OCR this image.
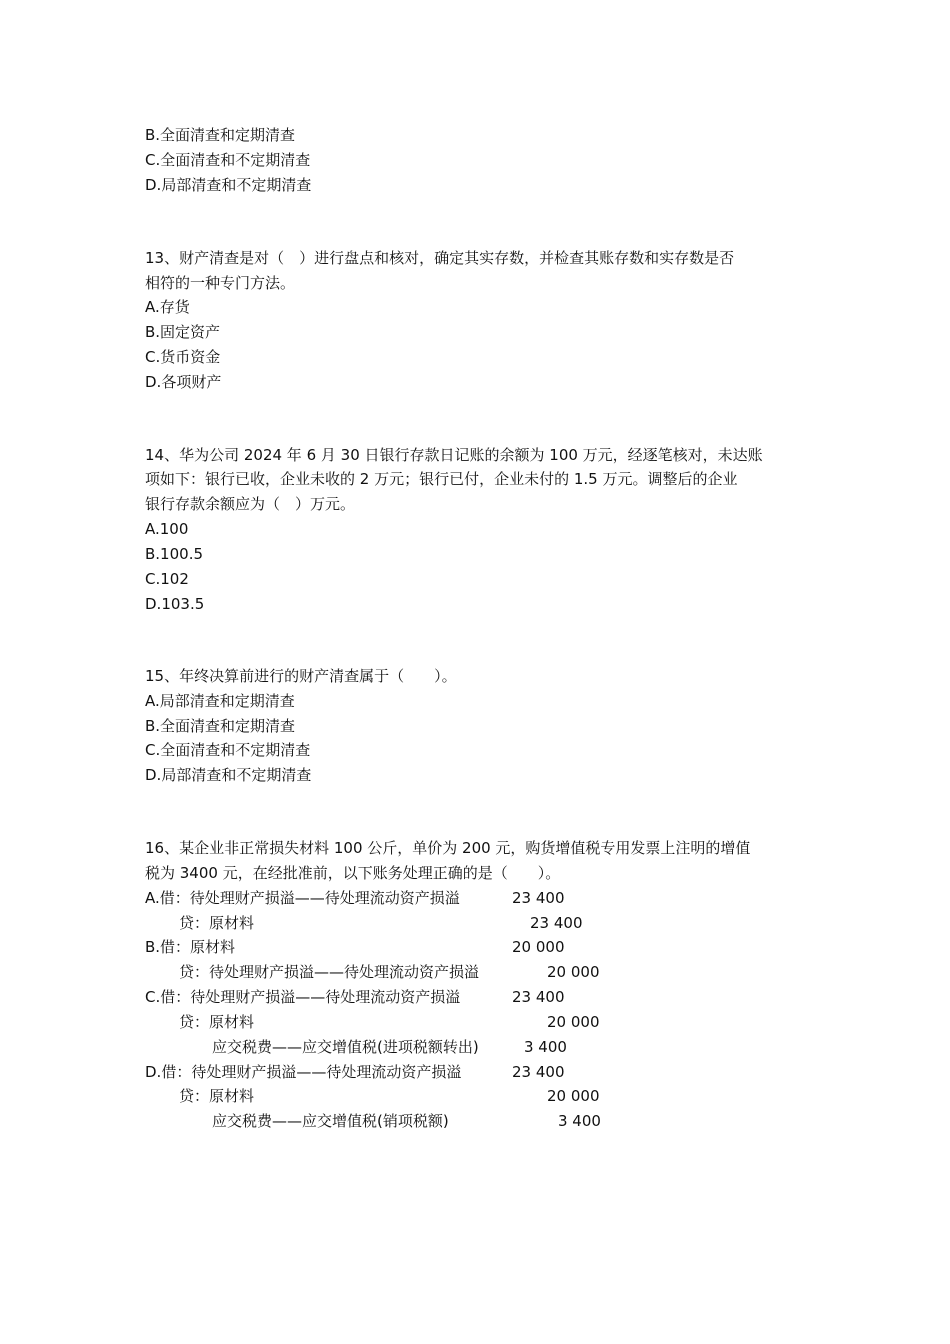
B.全面清查和定期清查
C.全面清查和不定期清查
D.局部清查和不定期清查
13、财产清查是对（　）进行盘点和核对，确定其实存数，并检查其账存数和实存数是否
相符的一种专门方法。
A.存货
B.固定资产
C.货币资金
D.各项财产
14、华为公司 2024 年 6 月 30 日银行存款日记账的余额为 100 万元，经逐笔核对，未达账
项如下：银行已收，企业未收的 2 万元；银行已付，企业未付的 1.5 万元。调整后的企业
银行存款余额应为（　）万元。
A.100
B.100.5
C.102
D.103.5
15、年终决算前进行的财产清查属于（　　）。
A.局部清查和定期清查
B.全面清查和定期清查
C.全面清查和不定期清查
D.局部清查和不定期清查
16、某企业非正常损失材料 100 公斤，单价为 200 元，购货增值税专用发票上注明的增值
税为 3400 元，在经批准前，以下账务处理正确的是（　　）。
A.借：待处理财产损溢——待处理流动资产损溢	23 400
贷：原材料	23 400
B.借：原材料	20 000
贷：待处理财产损溢——待处理流动资产损溢	20 000
C.借：待处理财产损溢——待处理流动资产损溢	23 400
贷：原材料	20 000
应交税费——应交增值税(进项税额转出)	3 400
D.借：待处理财产损溢——待处理流动资产损溢	23 400
贷：原材料	20 000
应交税费——应交增值税(销项税额)	3 400
